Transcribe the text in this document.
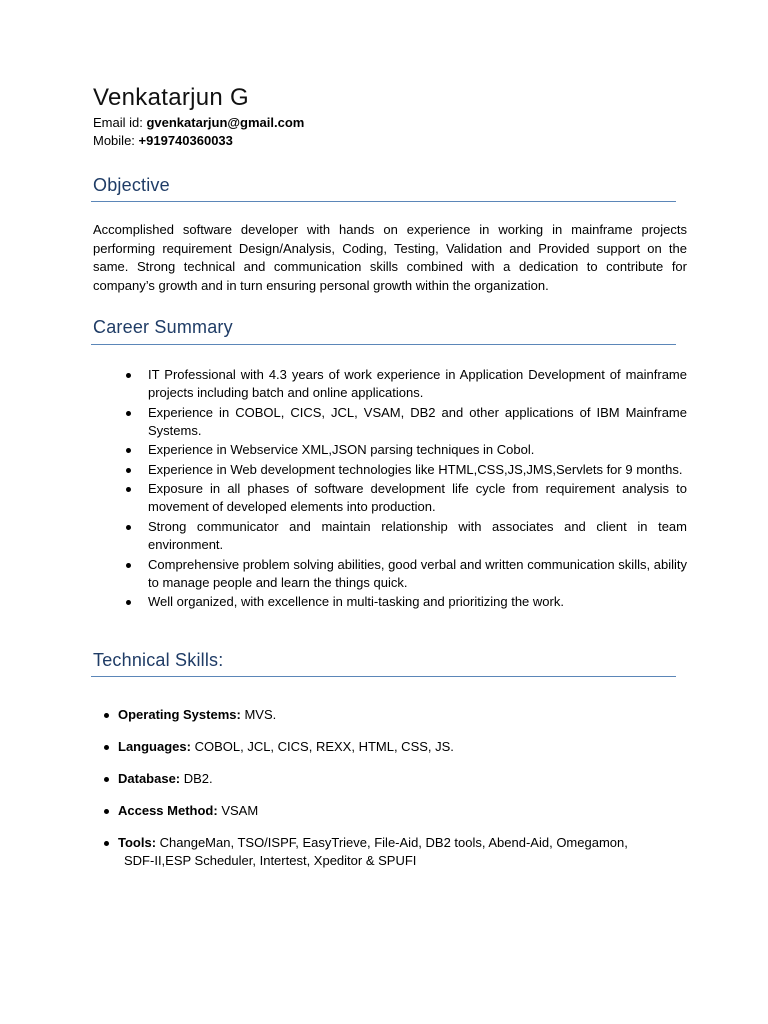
Venkatarjun G
Email id: gvenkatarjun@gmail.com
Mobile: +919740360033
Objective
Accomplished software developer with hands on experience in working in mainframe projects performing requirement Design/Analysis, Coding, Testing, Validation and Provided support on the same. Strong technical and communication skills combined with a dedication to contribute for company’s growth and in turn ensuring personal growth within the organization.
Career Summary
IT Professional with 4.3 years of work experience in Application Development of mainframe projects including batch and online applications.
Experience in COBOL, CICS, JCL, VSAM, DB2 and other applications of IBM Mainframe Systems.
Experience in Webservice XML,JSON parsing techniques in Cobol.
Experience in Web development technologies like HTML,CSS,JS,JMS,Servlets for 9 months.
Exposure in all phases of software development life cycle from requirement analysis to movement of developed elements into production.
Strong communicator and maintain relationship with associates and client in team environment.
Comprehensive problem solving abilities, good verbal and written communication skills, ability to manage people and learn the things quick.
Well organized, with excellence in multi-tasking and prioritizing the work.
Technical Skills:
Operating Systems: MVS.
Languages: COBOL, JCL, CICS, REXX, HTML, CSS, JS.
Database: DB2.
Access Method: VSAM
Tools: ChangeMan, TSO/ISPF, EasyTrieve, File-Aid, DB2 tools, Abend-Aid, Omegamon,
SDF-II,ESP Scheduler, Intertest, Xpeditor & SPUFI
